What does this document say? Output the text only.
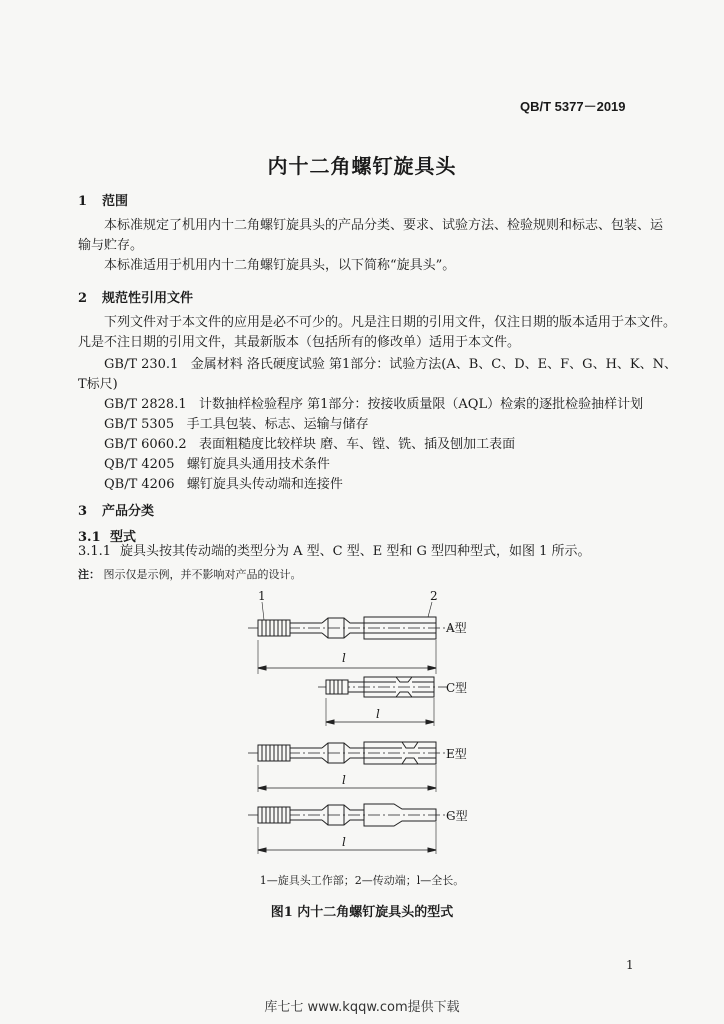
QB/T 5377－2019
内十二角螺钉旋具头
1 范围
本标准规定了机用内十二角螺钉旋具头的产品分类、要求、试验方法、检验规则和标志、包装、运
输与贮存。
本标准适用于机用内十二角螺钉旋具头，以下简称“旋具头”。
2 规范性引用文件
下列文件对于本文件的应用是必不可少的。凡是注日期的引用文件，仅注日期的版本适用于本文件。
凡是不注日期的引用文件，其最新版本（包括所有的修改单）适用于本文件。
GB/T 230.1 金属材料 洛氏硬度试验 第1部分：试验方法(A、B、C、D、E、F、G、H、K、N、
T标尺)
GB/T 2828.1 计数抽样检验程序 第1部分：按接收质量限（AQL）检索的逐批检验抽样计划
GB/T 5305 手工具包装、标志、运输与储存
GB/T 6060.2 表面粗糙度比较样块 磨、车、镗、铣、插及刨加工表面
QB/T 4205 螺钉旋具头通用技术条件
QB/T 4206 螺钉旋具头传动端和连接件
3 产品分类
3.1 型式
3.1.1 旋具头按其传动端的类型分为 A 型、C 型、E 型和 G 型四种型式，如图 1 所示。
注： 图示仅是示例，并不影响对产品的设计。
1	2
A型
C型
E型
G型
l
l
l
l
1—旋具头工作部；2—传动端；l—全长。
图1 内十二角螺钉旋具头的型式
1
库七七 www.kqqw.com提供下载
